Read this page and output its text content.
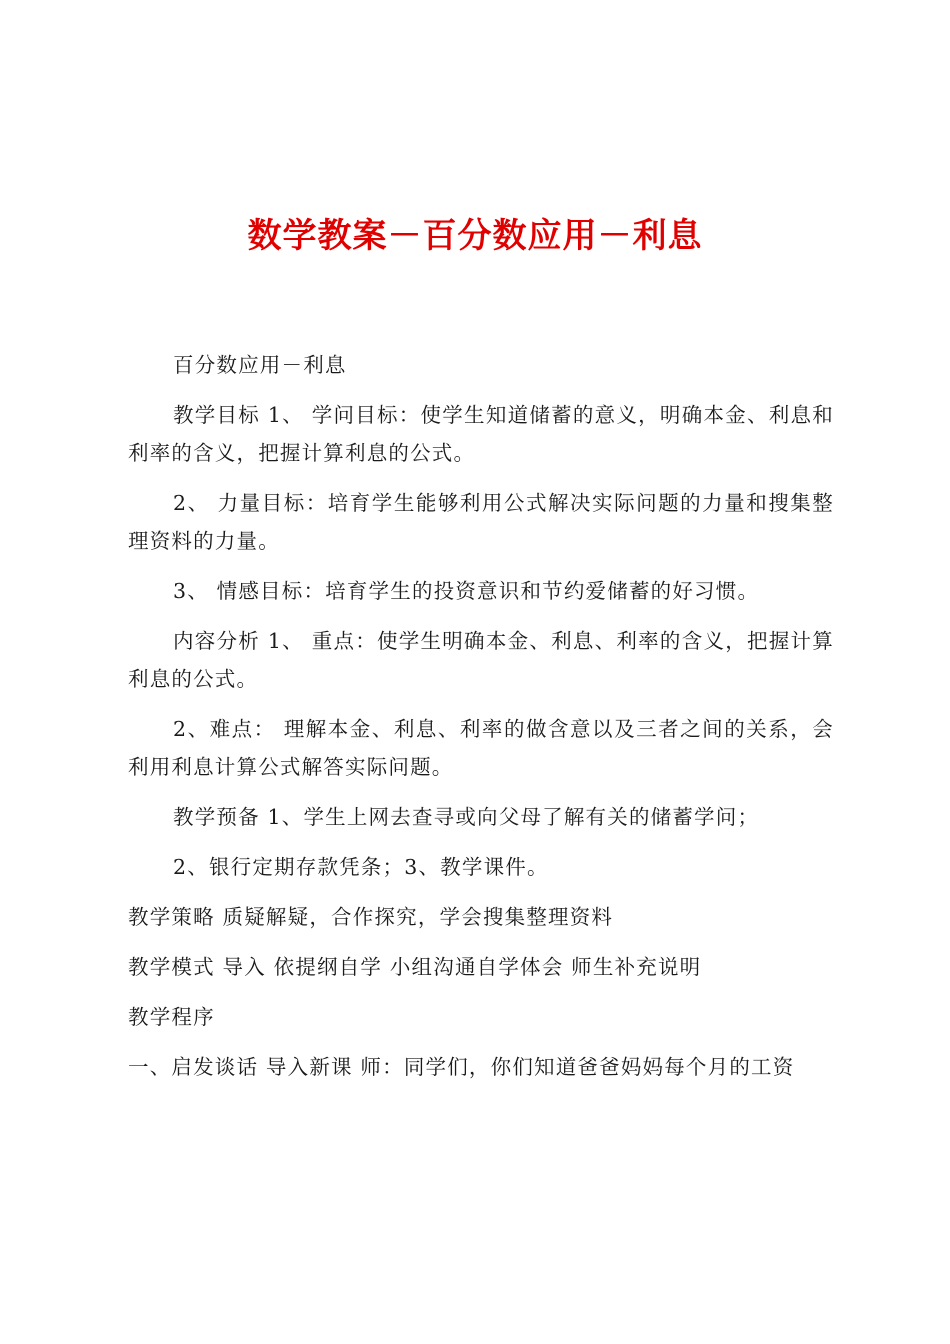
数学教案－百分数应用－利息

百分数应用－利息

教学目标 1、 学问目标：使学生知道储蓄的意义，明确本金、利息和利率的含义，把握计算利息的公式。

2、 力量目标：培育学生能够利用公式解决实际问题的力量和搜集整理资料的力量。

3、 情感目标：培育学生的投资意识和节约爱储蓄的好习惯。

内容分析 1、 重点：使学生明确本金、利息、利率的含义，把握计算利息的公式。

2、难点： 理解本金、利息、利率的做含意以及三者之间的关系，会利用利息计算公式解答实际问题。

教学预备 1、学生上网去查寻或向父母了解有关的储蓄学问；

2、银行定期存款凭条；3、教学课件。

教学策略 质疑解疑，合作探究，学会搜集整理资料

教学模式 导入 依提纲自学 小组沟通自学体会 师生补充说明

教学程序

一、启发谈话 导入新课 师：同学们，你们知道爸爸妈妈每个月的工资
